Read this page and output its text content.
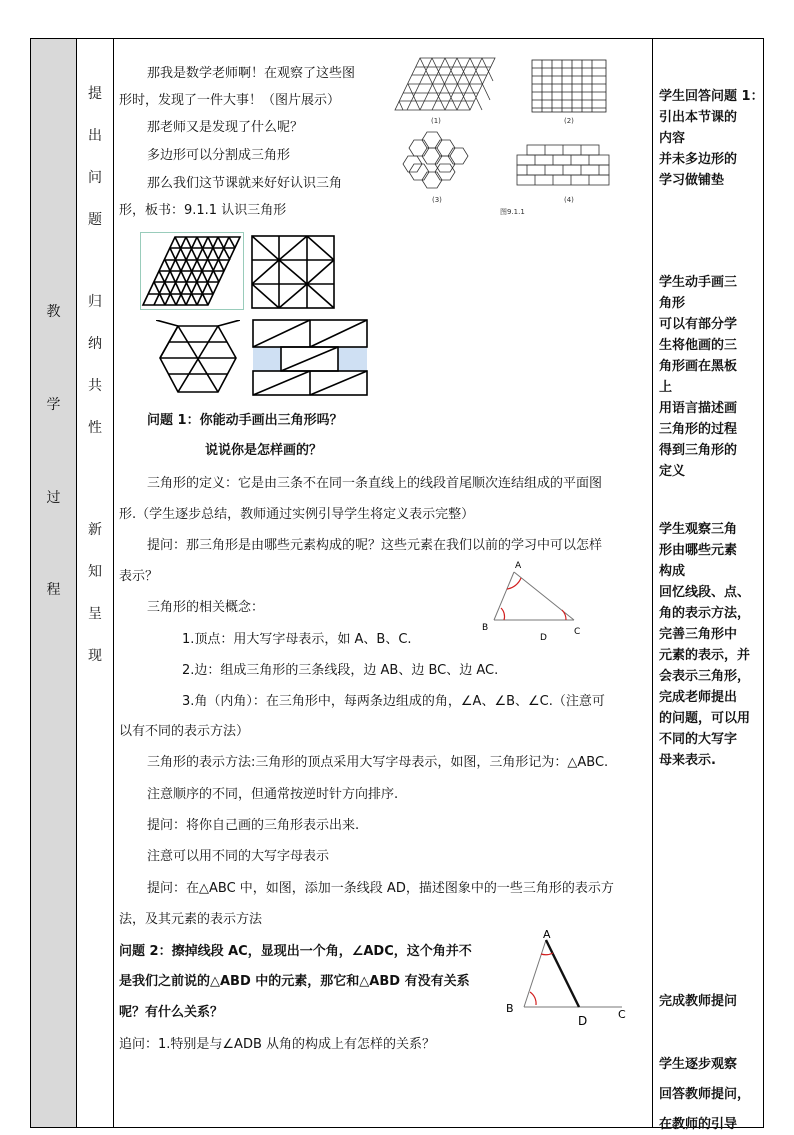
教
学
过
程
提
出
问
题
归
纳
共
性
新
知
呈
现
学生回答问题 1：
引出本节课的
内容
并未多边形的
学习做铺垫
学生动手画三
角形
可以有部分学
生将他画的三
角形画在黑板
上
用语言描述画
三角形的过程
得到三角形的
定义
学生观察三角
形由哪些元素
构成
回忆线段、点、
角的表示方法，
完善三角形中
元素的表示，并
会表示三角形，
完成老师提出
的问题，可以用
不同的大写字
母来表示.
完成教师提问
学生逐步观察
回答教师提问，
在教师的引导
那我是数学老师啊！在观察了这些图
形时，发现了一件大事！（图片展示）
那老师又是发现了什么呢？
多边形可以分割成三角形
那么我们这节课就来好好认识三角
形，板书：9.1.1 认识三角形
(1)	(2)
(3)	(4)
图9.1.1
问题 1：你能动手画出三角形吗？
说说你是怎样画的？
三角形的定义：它是由三条不在同一条直线上的线段首尾顺次连结组成的平面图
形.（学生逐步总结，教师通过实例引导学生将定义表示完整）
提问：那三角形是由哪些元素构成的呢？这些元素在我们以前的学习中可以怎样
表示？
三角形的相关概念：
1.顶点：用大写字母表示，如 A、B、C.
2.边：组成三角形的三条线段，边 AB、边 BC、边 AC.
3.角（内角）：在三角形中，每两条边组成的角，∠A、∠B、∠C.（注意可
以有不同的表示方法）
A
B
D
C
三角形的表示方法:三角形的顶点采用大写字母表示，如图，三角形记为：△ABC.
注意顺序的不同，但通常按逆时针方向排序.
提问：将你自己画的三角形表示出来.
注意可以用不同的大写字母表示
提问：在△ABC 中，如图，添加一条线段 AD，描述图象中的一些三角形的表示方
法，及其元素的表示方法
问题 2：擦掉线段 AC，显现出一个角，∠ADC，这个角并不
是我们之前说的△ABD 中的元素，那它和△ABD 有没有关系
呢？有什么关系？
追问：1.特别是与∠ADB 从角的构成上有怎样的关系？
A
B
D	C
